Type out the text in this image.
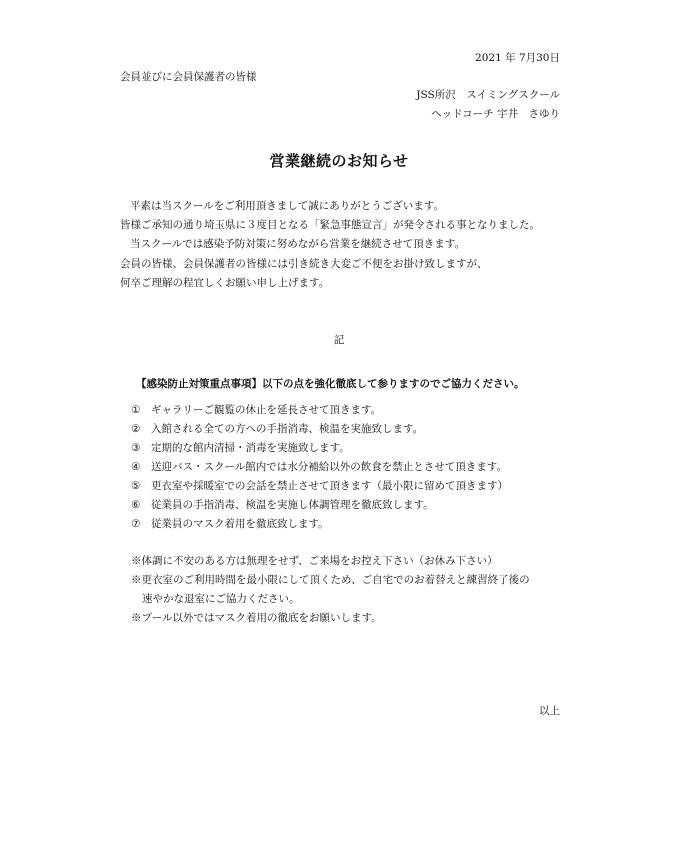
2021 年 7月30日
会員並びに会員保護者の皆様
JSS所沢　スイミングスクール
ヘッドコーチ 宇井　さゆり
営業継続のお知らせ
平素は当スクールをご利用頂きまして誠にありがとうございます。
皆様ご承知の通り埼玉県に３度目となる「緊急事態宣言」が発令される事となりました。
当スクールでは感染予防対策に努めながら営業を継続させて頂きます。
会員の皆様、会員保護者の皆様には引き続き大変ご不便をお掛け致しますが、
何卒ご理解の程宜しくお願い申し上げます。
記
【感染防止対策重点事項】以下の点を強化徹底して参りますのでご協力ください。
① ギャラリーご観覧の休止を延長させて頂きます。
② 入館される全ての方への手指消毒、検温を実施致します。
③ 定期的な館内清掃・消毒を実施致します。
④ 送迎バス・スクール館内では水分補給以外の飲食を禁止とさせて頂きます。
⑤ 更衣室や採暖室での会話を禁止させて頂きます（最小限に留めて頂きます）
⑥ 従業員の手指消毒、検温を実施し体調管理を徹底致します。
⑦ 従業員のマスク着用を徹底致します。
※体調に不安のある方は無理をせず、ご来場をお控え下さい（お休み下さい）
※更衣室のご利用時間を最小限にして頂くため、ご自宅でのお着替えと練習終了後の
速やかな退室にご協力ください。
※プール以外ではマスク着用の徹底をお願いします。
以上
